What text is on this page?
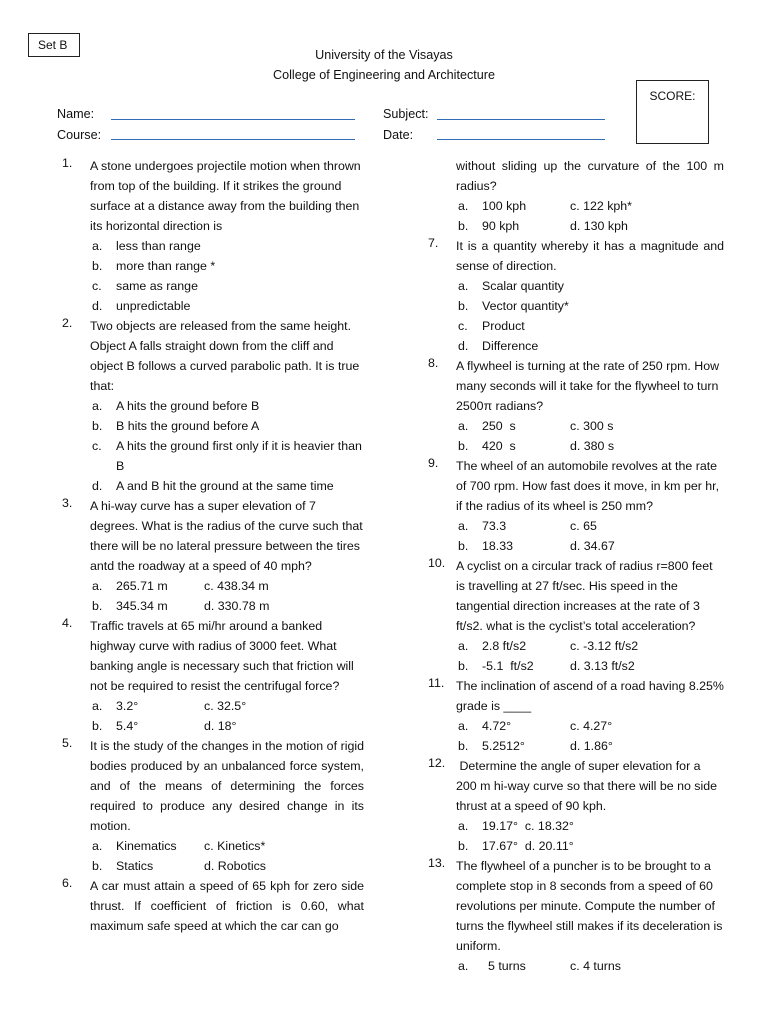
Set B
University of the Visayas
College of Engineering and Architecture
SCORE:
Name:
Course:
Subject:
Date:
1.	A stone undergoes projectile motion when thrown from top of the building. If it strikes the ground surface at a distance away from the building then its horizontal direction is
a.	less than range
b.	more than range *
c.	same as range
d.	unpredictable
2.	Two objects are released from the same height. Object A falls straight down from the cliff and object B follows a curved parabolic path. It is true that:
a.	A hits the ground before B
b.	B hits the ground before A
c.	A hits the ground first only if it is heavier than B
d.	A and B hit the ground at the same time
3.	A hi-way curve has a super elevation of 7 degrees. What is the radius of the curve such that there will be no lateral pressure between the tires antd the roadway at a speed of 40 mph?
a.	265.71 m	c. 438.34 m
b.	345.34 m	d. 330.78 m
4.	Traffic travels at 65 mi/hr around a banked highway curve with radius of 3000 feet. What banking angle is necessary such that friction will not be required to resist the centrifugal force?
a.	3.2°	c. 32.5°
b.	5.4°	d. 18°
5.	It is the study of the changes in the motion of rigid bodies produced by an unbalanced force system, and of the means of determining the forces required to produce any desired change in its motion.
a.	Kinematics c. Kinetics*
b.	Statics	d. Robotics
6.	A car must attain a speed of 65 kph for zero side thrust. If coefficient of friction is 0.60, what maximum safe speed at which the car can go
without sliding up the curvature of the 100 m radius?
a.	100 kph	c. 122 kph*
b.	90 kph	d. 130 kph
7.	It is a quantity whereby it has a magnitude and sense of direction.
a.	Scalar quantity
b.	Vector quantity*
c.	Product
d.	Difference
8.	A flywheel is turning at the rate of 250 rpm. How many seconds will it take for the flywheel to turn 2500π radians?
a.	250  s	c. 300 s
b.	420  s	d. 380 s
9.	The wheel of an automobile revolves at the rate of 700 rpm. How fast does it move, in km per hr, if the radius of its wheel is 250 mm?
a.	73.3	c. 65
b.	18.33	d. 34.67
10. A cyclist on a circular track of radius r=800 feet is travelling at 27 ft/sec. His speed in the tangential direction increases at the rate of 3 ft/s2. what is the cyclist’s total acceleration?
a.	2.8 ft/s2	c. -3.12 ft/s2
b.	-5.1  ft/s2	d. 3.13 ft/s2
11. The inclination of ascend of a road having 8.25% grade is ____
a.	4.72°	c. 4.27°
b.	5.2512°	d. 1.86°
12. Determine the angle of super elevation for a 200 m hi-way curve so that there will be no side thrust at a speed of 90 kph.
a.	19.17°  c. 18.32°
b.	17.67°  d. 20.11°
13. The flywheel of a puncher is to be brought to a complete stop in 8 seconds from a speed of 60 revolutions per minute. Compute the number of turns the flywheel still makes if its deceleration is uniform.
a.	5 turns	c. 4 turns
